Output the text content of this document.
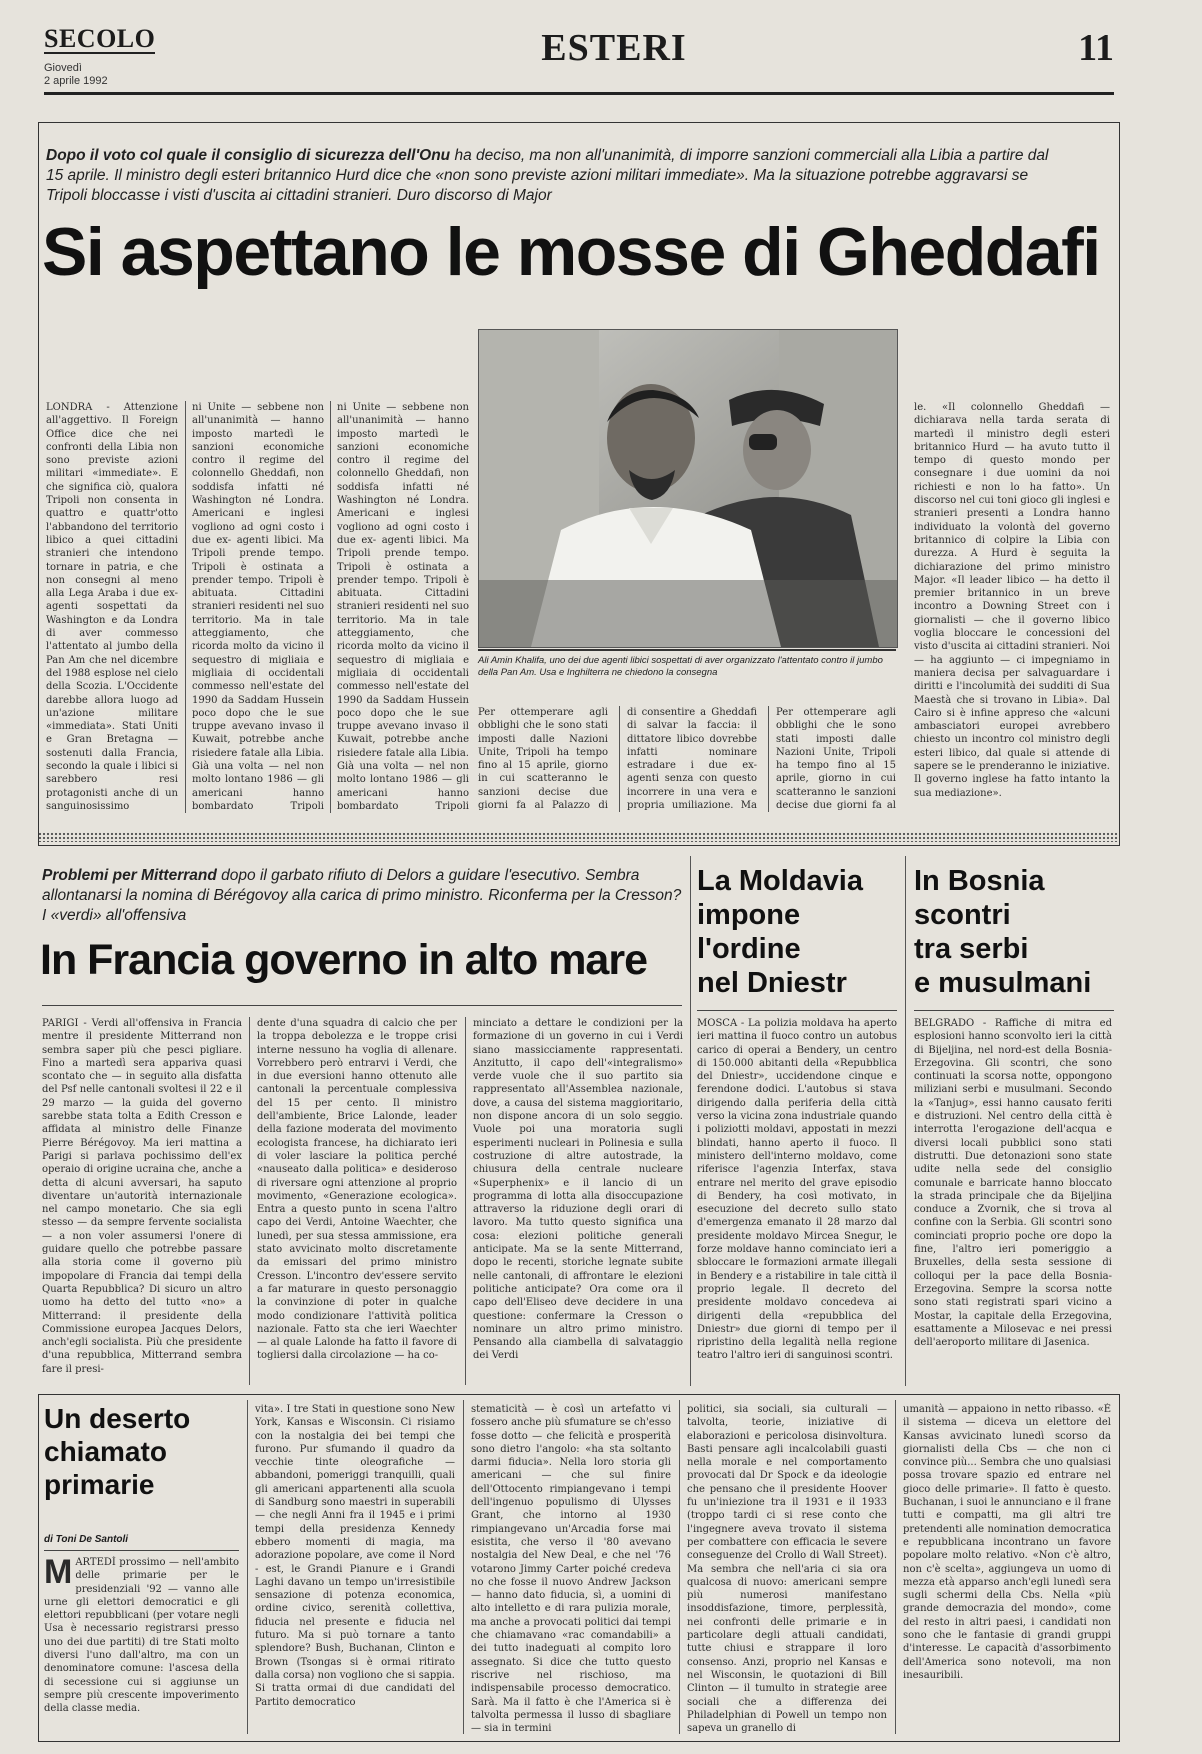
SECOLO
Giovedì
2 aprile 1992
ESTERI	11
Dopo il voto col quale il consiglio di sicurezza dell'Onu ha deciso, ma non all'unanimità, di imporre sanzioni commerciali alla Libia a partire dal 15 aprile. Il ministro degli esteri britannico Hurd dice che «non sono previste azioni militari immediate». Ma la situazione potrebbe aggravarsi se Tripoli bloccasse i visti d'uscita ai cittadini stranieri. Duro discorso di Major
Si aspettano le mosse di Gheddafi
LONDRA - Attenzione all'aggettivo. Il Foreign Office dice che nei confronti della Libia non sono previste azioni militari «immediate». E che significa ciò, qualora Tripoli non consenta in quattro e quattr'otto l'abbandono del territorio libico a quei cittadini stranieri che intendono tornare in patria, e che non consegni al meno alla Lega Araba i due ex- agenti sospettati da Washington e da Londra di aver commesso l'attentato al jumbo della Pan Am che nel dicembre del 1988 esplose nel cielo della Scozia. L'Occidente darebbe allora luogo ad un'azione militare «immediata». Stati Uniti e Gran Bretagna — sostenuti dalla Francia, secondo la quale i libici si sarebbero resi protagonisti anche di un sanguinosissimo
ni Unite — sebbene non all'unanimità — hanno imposto martedì le sanzioni economiche contro il regime del colonnello Gheddafi, non soddisfa infatti né Washington né Londra. Americani e inglesi vogliono ad ogni costo i due ex- agenti libici. Ma Tripoli prende tempo. Tripoli è ostinata a prender tempo. Tripoli è abituata. Cittadini stranieri residenti nel suo territorio. Ma in tale atteggiamento, che ricorda molto da vicino il sequestro di migliaia e migliaia di occidentali commesso nell'estate del 1990 da Saddam Hussein poco dopo che le sue truppe avevano invaso il Kuwait, potrebbe anche risiedere fatale alla Libia. Già una volta — nel non molto lontano 1986 — gli americani hanno bombardato Tripoli
ni Unite — sebbene non all'unanimità — hanno imposto martedì le sanzioni economiche contro il regime del colonnello Gheddafi, non soddisfa infatti né Washington né Londra. Americani e inglesi vogliono ad ogni costo i due ex- agenti libici. Ma Tripoli prende tempo. Tripoli è ostinata a prender tempo. Tripoli è abituata. Cittadini stranieri residenti nel suo territorio. Ma in tale atteggiamento, che ricorda molto da vicino il sequestro di migliaia e migliaia di occidentali commesso nell'estate del 1990 da Saddam Hussein poco dopo che le sue truppe avevano invaso il Kuwait, potrebbe anche risiedere fatale alla Libia. Già una volta — nel non molto lontano 1986 — gli americani hanno bombardato Tripoli
Ali Amin Khalifa, uno dei due agenti libici sospettati di aver organizzato l'attentato contro il jumbo della Pan Am. Usa e Inghilterra ne chiedono la consegna
Per ottemperare agli obblighi che le sono stati imposti dalle Nazioni Unite, Tripoli ha tempo fino al 15 aprile, giorno in cui scatteranno le sanzioni decise due giorni fa al Palazzo di
di consentire a Gheddafi di salvar la faccia: il dittatore libico dovrebbe infatti nominare estradare i due ex- agenti senza con questo incorrere in una vera e propria umiliazione. Ma
Per ottemperare agli obblighi che le sono stati imposti dalle Nazioni Unite, Tripoli ha tempo fino al 15 aprile, giorno in cui scatteranno le sanzioni decise due giorni fa al
le. «Il colonnello Gheddafi — dichiarava nella tarda serata di martedì il ministro degli esteri britannico Hurd — ha avuto tutto il tempo di questo mondo per consegnare i due uomini da noi richiesti e non lo ha fatto». Un discorso nel cui toni gioco gli inglesi e stranieri presenti a Londra hanno individuato la volontà del governo britannico di colpire la Libia con durezza. A Hurd è seguita la dichiarazione del primo ministro Major. «Il leader libico — ha detto il premier britannico in un breve incontro a Downing Street con i giornalisti — che il governo libico voglia bloccare le concessioni del visto d'uscita ai cittadini stranieri. Noi — ha aggiunto — ci impegniamo in maniera decisa per salvaguardare i diritti e l'incolumità dei sudditi di Sua Maestà che si trovano in Libia». Dal Cairo si è infine appreso che «alcuni ambasciatori europei avrebbero chiesto un incontro col ministro degli esteri libico, dal quale si attende di sapere se le prenderanno le iniziative. Il governo inglese ha fatto intanto la sua mediazione».
Problemi per Mitterrand dopo il garbato rifiuto di Delors a guidare l'esecutivo. Sembra allontanarsi la nomina di Bérégovoy alla carica di primo ministro. Riconferma per la Cresson? I «verdi» all'offensiva
In Francia governo in alto mare
PARIGI - Verdi all'offensiva in Francia mentre il presidente Mitterrand non sembra saper più che pesci pigliare. Fino a martedì sera appariva quasi scontato che — in seguito alla disfatta del Psf nelle cantonali svoltesi il 22 e il 29 marzo — la guida del governo sarebbe stata tolta a Edith Cresson e affidata al ministro delle Finanze Pierre Bérégovoy. Ma ieri mattina a Parigi si parlava pochissimo dell'ex operaio di origine ucraina che, anche a detta di alcuni avversari, ha saputo diventare un'autorità internazionale nel campo monetario. Che sia egli stesso — da sempre fervente socialista — a non voler assumersi l'onere di guidare quello che potrebbe passare alla storia come il governo più impopolare di Francia dai tempi della Quarta Repubblica? Di sicuro un altro uomo ha detto del tutto «no» a Mitterrand: il presidente della Commissione europea Jacques Delors, anch'egli socialista. Più che presidente d'una repubblica, Mitterrand sembra fare il presi-
dente d'una squadra di calcio che per la troppa debolezza e le troppe crisi interne nessuno ha voglia di allenare. Vorrebbero però entrarvi i Verdi, che in due eversioni hanno ottenuto alle cantonali la percentuale complessiva del 15 per cento. Il ministro dell'ambiente, Brice Lalonde, leader della fazione moderata del movimento ecologista francese, ha dichiarato ieri di voler lasciare la politica perché «nauseato dalla politica» e desideroso di riversare ogni attenzione al proprio movimento, «Generazione ecologica». Entra a questo punto in scena l'altro capo dei Verdi, Antoine Waechter, che lunedì, per sua stessa ammissione, era stato avvicinato molto discretamente da emissari del primo ministro Cresson. L'incontro dev'essere servito a far maturare in questo personaggio la convinzione di poter in qualche modo condizionare l'attività politica nazionale. Fatto sta che ieri Waechter — al quale Lalonde ha fatto il favore di togliersi dalla circolazione — ha co-
minciato a dettare le condizioni per la formazione di un governo in cui i Verdi siano massicciamente rappresentati. Anzitutto, il capo dell'«integralismo» verde vuole che il suo partito sia rappresentato all'Assemblea nazionale, dove, a causa del sistema maggioritario, non dispone ancora di un solo seggio. Vuole poi una moratoria sugli esperimenti nucleari in Polinesia e sulla costruzione di altre autostrade, la chiusura della centrale nucleare «Superphenix» e il lancio di un programma di lotta alla disoccupazione attraverso la riduzione degli orari di lavoro. Ma tutto questo significa una cosa: elezioni politiche generali anticipate. Ma se la sente Mitterrand, dopo le recenti, storiche legnate subite nelle cantonali, di affrontare le elezioni politiche anticipate? Ora come ora il capo dell'Eliseo deve decidere in una questione: confermare la Cresson o nominare un altro primo ministro. Pensando alla ciambella di salvataggio dei Verdi
La Moldavia
impone
l'ordine
nel Dniestr
MOSCA - La polizia moldava ha aperto ieri mattina il fuoco contro un autobus carico di operai a Bendery, un centro di 150.000 abitanti della «Repubblica del Dniestr», uccidendone cinque e ferendone dodici. L'autobus si stava dirigendo dalla periferia della città verso la vicina zona industriale quando i poliziotti moldavi, appostati in mezzi blindati, hanno aperto il fuoco. Il ministero dell'interno moldavo, come riferisce l'agenzia Interfax, stava entrare nel merito del grave episodio di Bendery, ha così motivato, in esecuzione del decreto sullo stato d'emergenza emanato il 28 marzo dal presidente moldavo Mircea Snegur, le forze moldave hanno cominciato ieri a sbloccare le formazioni armate illegali in Bendery e a ristabilire in tale città il proprio legale. Il decreto del presidente moldavo concedeva ai dirigenti della «repubblica del Dniestr» due giorni di tempo per il ripristino della legalità nella regione teatro l'altro ieri di sanguinosi scontri.
In Bosnia
scontri
tra serbi
e musulmani
BELGRADO - Raffiche di mitra ed esplosioni hanno sconvolto ieri la città di Bijeljina, nel nord-est della Bosnia-Erzegovina. Gli scontri, che sono continuati la scorsa notte, oppongono miliziani serbi e musulmani. Secondo la «Tanjug», essi hanno causato feriti e distruzioni. Nel centro della città è interrotta l'erogazione dell'acqua e diversi locali pubblici sono stati distrutti. Due detonazioni sono state udite nella sede del consiglio comunale e barricate hanno bloccato la strada principale che da Bijeljina conduce a Zvornik, che si trova al confine con la Serbia. Gli scontri sono cominciati proprio poche ore dopo la fine, l'altro ieri pomeriggio a Bruxelles, della sesta sessione di colloqui per la pace della Bosnia-Erzegovina. Sempre la scorsa notte sono stati registrati spari vicino a Mostar, la capitale della Erzegovina, esattamente a Milosevac e nei pressi dell'aeroporto militare di Jasenica.
Un deserto
chiamato
primarie
di Toni De Santoli
MARTEDÌ prossimo — nell'ambito delle primarie per le presidenziali '92 — vanno alle urne gli elettori democratici e gli elettori repubblicani (per votare negli Usa è necessario registrarsi presso uno dei due partiti) di tre Stati molto diversi l'uno dall'altro, ma con un denominatore comune: l'ascesa della di secessione cui si aggiunse un sempre più crescente impoverimento della classe media.
vita». I tre Stati in questione sono New York, Kansas e Wisconsin. Ci risiamo con la nostalgia dei bei tempi che furono. Pur sfumando il quadro da vecchie tinte oleografiche — abbandoni, pomeriggi tranquilli, quali gli americani appartenenti alla scuola di Sandburg sono maestri in superabili — che negli Anni fra il 1945 e i primi tempi della presidenza Kennedy ebbero momenti di magia, ma adorazione popolare, ave come il Nord - est, le Grandi Pianure e i Grandi Laghi davano un tempo un'irresistibile sensazione di potenza economica, ordine civico, serenità collettiva, fiducia nel presente e fiducia nel futuro. Ma si può tornare a tanto splendore? Bush, Buchanan, Clinton e Brown (Tsongas si è ormai ritirato dalla corsa) non vogliono che si sappia. Si tratta ormai di due candidati del Partito democratico
stematicità — è così un artefatto vi fossero anche più sfumature se ch'esso fosse dotto — che felicità e prosperità sono dietro l'angolo: «ha sta soltanto darmi fiducia». Nella loro storia gli americani — che sul finire dell'Ottocento rimpiangevano i tempi dell'ingenuo populismo di Ulysses Grant, che intorno al 1930 rimpiangevano un'Arcadia forse mai esistita, che verso il '80 avevano nostalgia del New Deal, e che nel '76 votarono Jimmy Carter poiché credeva no che fosse il nuovo Andrew Jackson — hanno dato fiducia, sì, a uomini di alto intelletto e di rara pulizia morale, ma anche a provocati politici dai tempi che chiamavano «rac comandabili» a dei tutto inadeguati al compito loro assegnato. Si dice che tutto questo riscrive nel rischioso, ma indispensabile processo democratico. Sarà. Ma il fatto è che l'America si è talvolta permessa il lusso di sbagliare — sia in termini
politici, sia sociali, sia culturali — talvolta, teorie, iniziative di elaborazioni e pericolosa disinvoltura. Basti pensare agli incalcolabili guasti nella morale e nel comportamento provocati dal Dr Spock e da ideologie che pensano che il presidente Hoover fu un'iniezione tra il 1931 e il 1933 (troppo tardi ci si rese conto che l'ingegnere aveva trovato il sistema per combattere con efficacia le severe conseguenze del Crollo di Wall Street). Ma sembra che nell'aria ci sia ora qualcosa di nuovo: americani sempre più numerosi manifestano insoddisfazione, timore, perplessità, nei confronti delle primarie e in particolare degli attuali candidati, tutte chiusi e strappare il loro consenso. Anzi, proprio nel Kansas e nel Wisconsin, le quotazioni di Bill Clinton — il tumulto in strategie aree sociali che a differenza dei Philadelphian di Powell un tempo non sapeva un granello di
umanità — appaiono in netto ribasso. «È il sistema — diceva un elettore del Kansas avvicinato lunedì scorso da giornalisti della Cbs — che non ci convince più... Sembra che uno qualsiasi possa trovare spazio ed entrare nel gioco delle primarie». Il fatto è questo. Buchanan, i suoi le annunciano e il frane tutti e compatti, ma gli altri tre pretendenti alle nomination democratica e repubblicana incontrano un favore popolare molto relativo. «Non c'è altro, non c'è scelta», aggiungeva un uomo di mezza età apparso anch'egli lunedì sera sugli schermi della Cbs. Nella «più grande democrazia del mondo», come del resto in altri paesi, i candidati non sono che le fantasie di grandi gruppi d'interesse. Le capacità d'assorbimento dell'America sono notevoli, ma non inesauribili.
